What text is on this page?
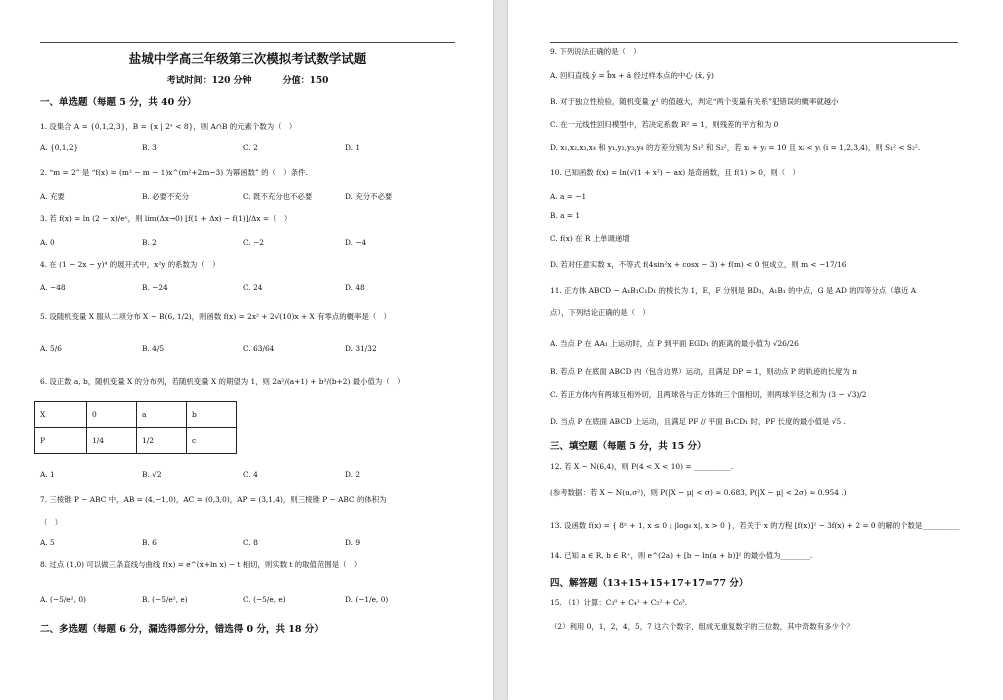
盐城中学高三年级第三次模拟考试数学试题
考试时间：120 分钟	分值：150
一、单选题（每题 5 分，共 40 分）
1. 设集合 A = {0,1,2,3}，B = {x | 2ˣ < 8}，则 A∩B 的元素个数为（　）
A. {0,1,2}	B. 3	C. 2	D. 1
2. “m = 2” 是 “f(x) = (m² − m − 1)x^(m²+2m−3) 为幂函数” 的（　）条件.
A. 充要	B. 必要不充分	C. 既不充分也不必要	D. 充分不必要
3. 若 f(x) = ln (2 − x)/eˣ，则 lim(Δx→0) [f(1 + Δx) − f(1)]/Δx =（　）
A. 0	B. 2	C. −2	D. −4
4. 在 (1 − 2x − y)⁴ 的展开式中，x²y 的系数为（　）
A. −48	B. −24	C. 24	D. 48
5. 设随机变量 X 服从二项分布 X ~ B(6, 1/2)，则函数 f(x) = 2x² + 2√(10)x + X 有零点的概率是（　）
A. 5/6	B. 4/5	C. 63/64	D. 31/32
6. 设正数 a, b，随机变量 X 的分布列，若随机变量 X 的期望为 1，则 2a²/(a+1) + b²/(b+2) 最小值为（　）
X	0	a	b
P	1/4	1/2	c
A. 1	B. √2	C. 4	D. 2
7. 三棱锥 P − ABC 中，AB = (4,−1,0)，AC = (0,3,0)，AP = (3,1,4)，则三棱锥 P − ABC 的体积为
（　）
A. 5	B. 6	C. 8	D. 9
8. 过点 (1,0) 可以做三条直线与曲线 f(x) = e^(x+ln x) − t 相切，则实数 t 的取值范围是（　）
A. (−5/e², 0)	B. (−5/e², e)	C. (−5/e, e)	D. (−1/e, 0)
二、多选题（每题 6 分，漏选得部分分，错选得 0 分，共 18 分）
9. 下列说法正确的是（　）
A. 回归直线 ŷ = b̂x + â 经过样本点的中心 (x̄, ȳ)
B. 对于独立性检验，随机变量 χ² 的值越大，判定“两个变量有关系”犯错误的概率就越小
C. 在一元线性回归模型中，若决定系数 R² = 1，则残差的平方和为 0
D. x₁,x₂,x₃,x₄ 和 y₁,y₂,y₃,y₄ 的方差分别为 S₁² 和 S₂²，若 xᵢ + yᵢ = 10 且 xᵢ < yᵢ (i = 1,2,3,4)，则 S₁² < S₂².
10. 已知函数 f(x) = ln(√(1 + x²) − ax) 是奇函数，且 f(1) > 0，则（　）
A. a = −1
B. a = 1
C. f(x) 在 R 上单调递增
D. 若对任意实数 x，不等式 f(4sin²x + cosx − 3) + f(m) < 0 恒成立，则 m < −17/16
11. 正方体 ABCD − A₁B₁C₁D₁ 的棱长为 1，E，F 分别是 BD₁，A₁B₁ 的中点，G 是 AD 的四等分点（靠近 A
点），下列结论正确的是（　）
A. 当点 P 在 AA₁ 上运动时，点 P 到平面 EGD₁ 的距离的最小值为 √26/26
B. 若点 P 在底面 ABCD 内（包含边界）运动，且满足 DP = 1，则动点 P 的轨迹的长度为 π
C. 若正方体内有两球互相外切，且两球各与正方体的三个面相切，则两球半径之和为 (3 − √3)/2
D. 当点 P 在底面 ABCD 上运动，且满足 PF // 平面 B₁CD₁ 时，PF 长度的最小值是 √5 .
三、填空题（每题 5 分，共 15 分）
12. 若 X ~ N(6,4)，则 P(4 < X < 10) = __________.
(参考数据：若 X ~ N(u,σ²)，则 P(|X − μ| < σ) ≈ 0.683, P(|X − μ| < 2σ) ≈ 0.954 .)
13. 设函数 f(x) = { 8ˣ + 1, x ≤ 0 ; |log₈ x|, x > 0 }，若关于 x 的方程 [f(x)]² − 3f(x) + 2 = 0 的解的个数是__________
14. 已知 a ∈ R, b ∈ R⁺，则 e^(2a) + [b − ln(a + b)]² 的最小值为________.
四、解答题（13+15+15+17+17=77 分）
15. （1）计算：C₃⁰ + C₄¹ + C₅² + C₆³.
（2）利用 0，1，2，4，5，7 这六个数字，组成无重复数字的三位数，其中奇数有多少个？
